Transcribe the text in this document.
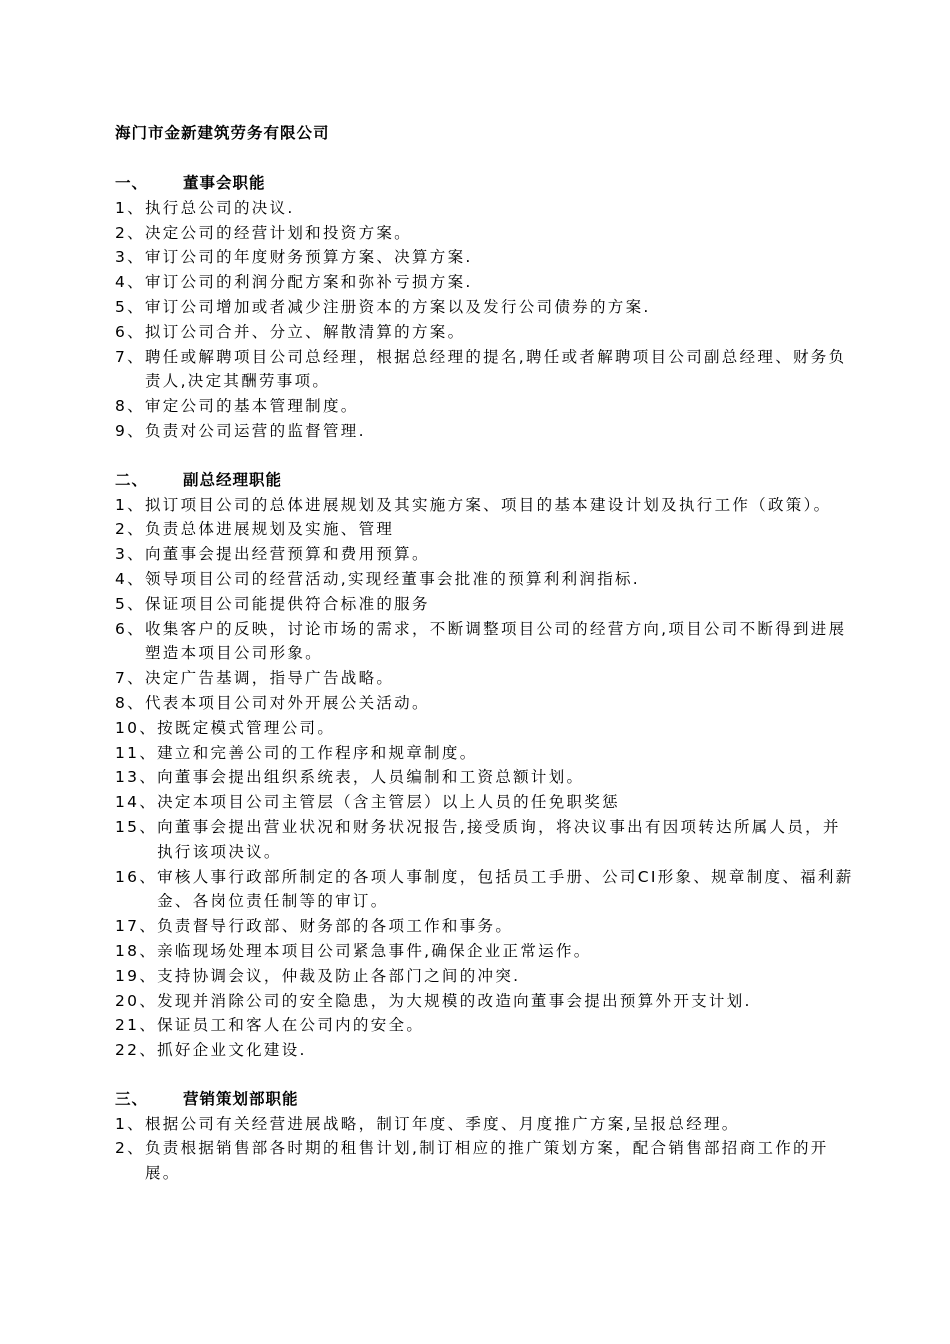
海门市金新建筑劳务有限公司
一、	董事会职能
1、 执行总公司的决议.
2、 决定公司的经营计划和投资方案。
3、 审订公司的年度财务预算方案、决算方案.
4、 审订公司的利润分配方案和弥补亏损方案.
5、 审订公司增加或者减少注册资本的方案以及发行公司债券的方案.
6、 拟订公司合并、分立、解散清算的方案。
7、 聘任或解聘项目公司总经理，根据总经理的提名,聘任或者解聘项目公司副总经理、财务负责人,决定其酬劳事项。
8、 审定公司的基本管理制度。
9、 负责对公司运营的监督管理.
二、	副总经理职能
1、 拟订项目公司的总体进展规划及其实施方案、项目的基本建设计划及执行工作（政策）。
2、 负责总体进展规划及实施、管理
3、 向董事会提出经营预算和费用预算。
4、 领导项目公司的经营活动,实现经董事会批准的预算利利润指标.
5、 保证项目公司能提供符合标准的服务
6、 收集客户的反映，讨论市场的需求，不断调整项目公司的经营方向,项目公司不断得到进展塑造本项目公司形象。
7、 决定广告基调，指导广告战略。
8、 代表本项目公司对外开展公关活动。
10、 按既定模式管理公司。
11、 建立和完善公司的工作程序和规章制度。
13、 向董事会提出组织系统表，人员编制和工资总额计划。
14、 决定本项目公司主管层（含主管层）以上人员的任免职奖惩
15、 向董事会提出营业状况和财务状况报告,接受质询，将决议事出有因项转达所属人员，并执行该项决议。
16、 审核人事行政部所制定的各项人事制度，包括员工手册、公司CI形象、规章制度、福利薪金、各岗位责任制等的审订。
17、 负责督导行政部、财务部的各项工作和事务。
18、 亲临现场处理本项目公司紧急事件,确保企业正常运作。
19、 支持协调会议，仲裁及防止各部门之间的冲突.
20、 发现并消除公司的安全隐患，为大规模的改造向董事会提出预算外开支计划.
21、 保证员工和客人在公司内的安全。
22、 抓好企业文化建设.
三、	营销策划部职能
1、 根据公司有关经营进展战略，制订年度、季度、月度推广方案,呈报总经理。
2、 负责根据销售部各时期的租售计划,制订相应的推广策划方案，配合销售部招商工作的开展。
